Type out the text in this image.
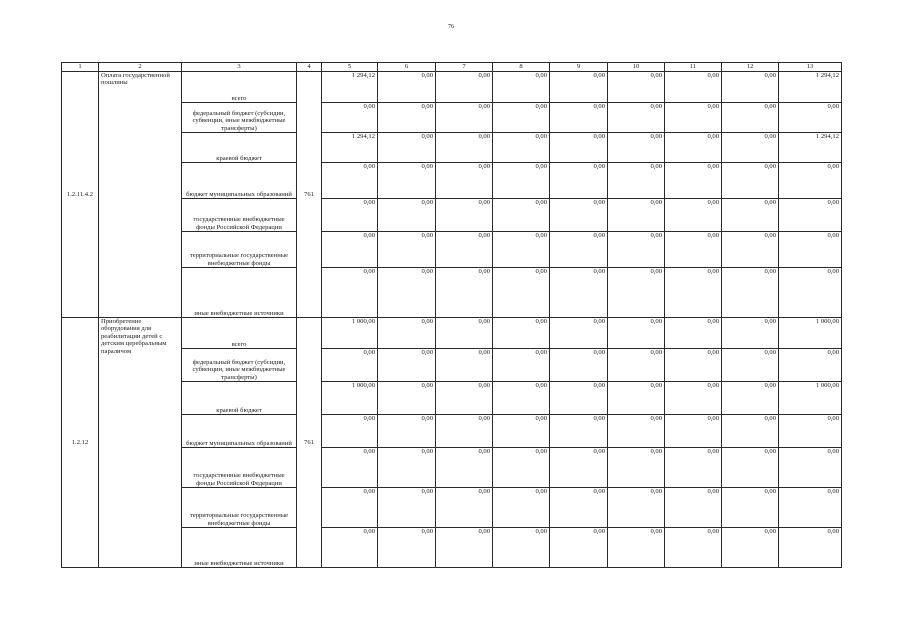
76
1	2	3	4	5	6	7	8	9	10	11	12	13
1.2.11.4.2	Оплата государственной пошлины	всего	761	1 294,12	0,00	0,00	0,00	0,00	0,00	0,00	0,00	1 294,12
		федеральный бюджет (субсидии, субвенции, иные межбюджетные трансферты)		0,00	0,00	0,00	0,00	0,00	0,00	0,00	0,00	0,00
		краевой бюджет		1 294,12	0,00	0,00	0,00	0,00	0,00	0,00	0,00	1 294,12
		бюджет муниципальных образований		0,00	0,00	0,00	0,00	0,00	0,00	0,00	0,00	0,00
		государственные внебюджетные фонды Российской Федерации		0,00	0,00	0,00	0,00	0,00	0,00	0,00	0,00	0,00
		территориальные государственные внебюджетные фонды		0,00	0,00	0,00	0,00	0,00	0,00	0,00	0,00	0,00
		иные внебюджетные источники		0,00	0,00	0,00	0,00	0,00	0,00	0,00	0,00	0,00
1.2.12	Приобретение оборудования для реабилитации детей с детским церебральным параличом	всего	761	1 000,00	0,00	0,00	0,00	0,00	0,00	0,00	0,00	1 000,00
		федеральный бюджет (субсидии, субвенции, иные межбюджетные трансферты)		0,00	0,00	0,00	0,00	0,00	0,00	0,00	0,00	0,00
		краевой бюджет		1 000,00	0,00	0,00	0,00	0,00	0,00	0,00	0,00	1 000,00
		бюджет муниципальных образований		0,00	0,00	0,00	0,00	0,00	0,00	0,00	0,00	0,00
		государственные внебюджетные фонды Российской Федерации		0,00	0,00	0,00	0,00	0,00	0,00	0,00	0,00	0,00
		территориальные государственные внебюджетные фонды		0,00	0,00	0,00	0,00	0,00	0,00	0,00	0,00	0,00
		иные внебюджетные источники		0,00	0,00	0,00	0,00	0,00	0,00	0,00	0,00	0,00
